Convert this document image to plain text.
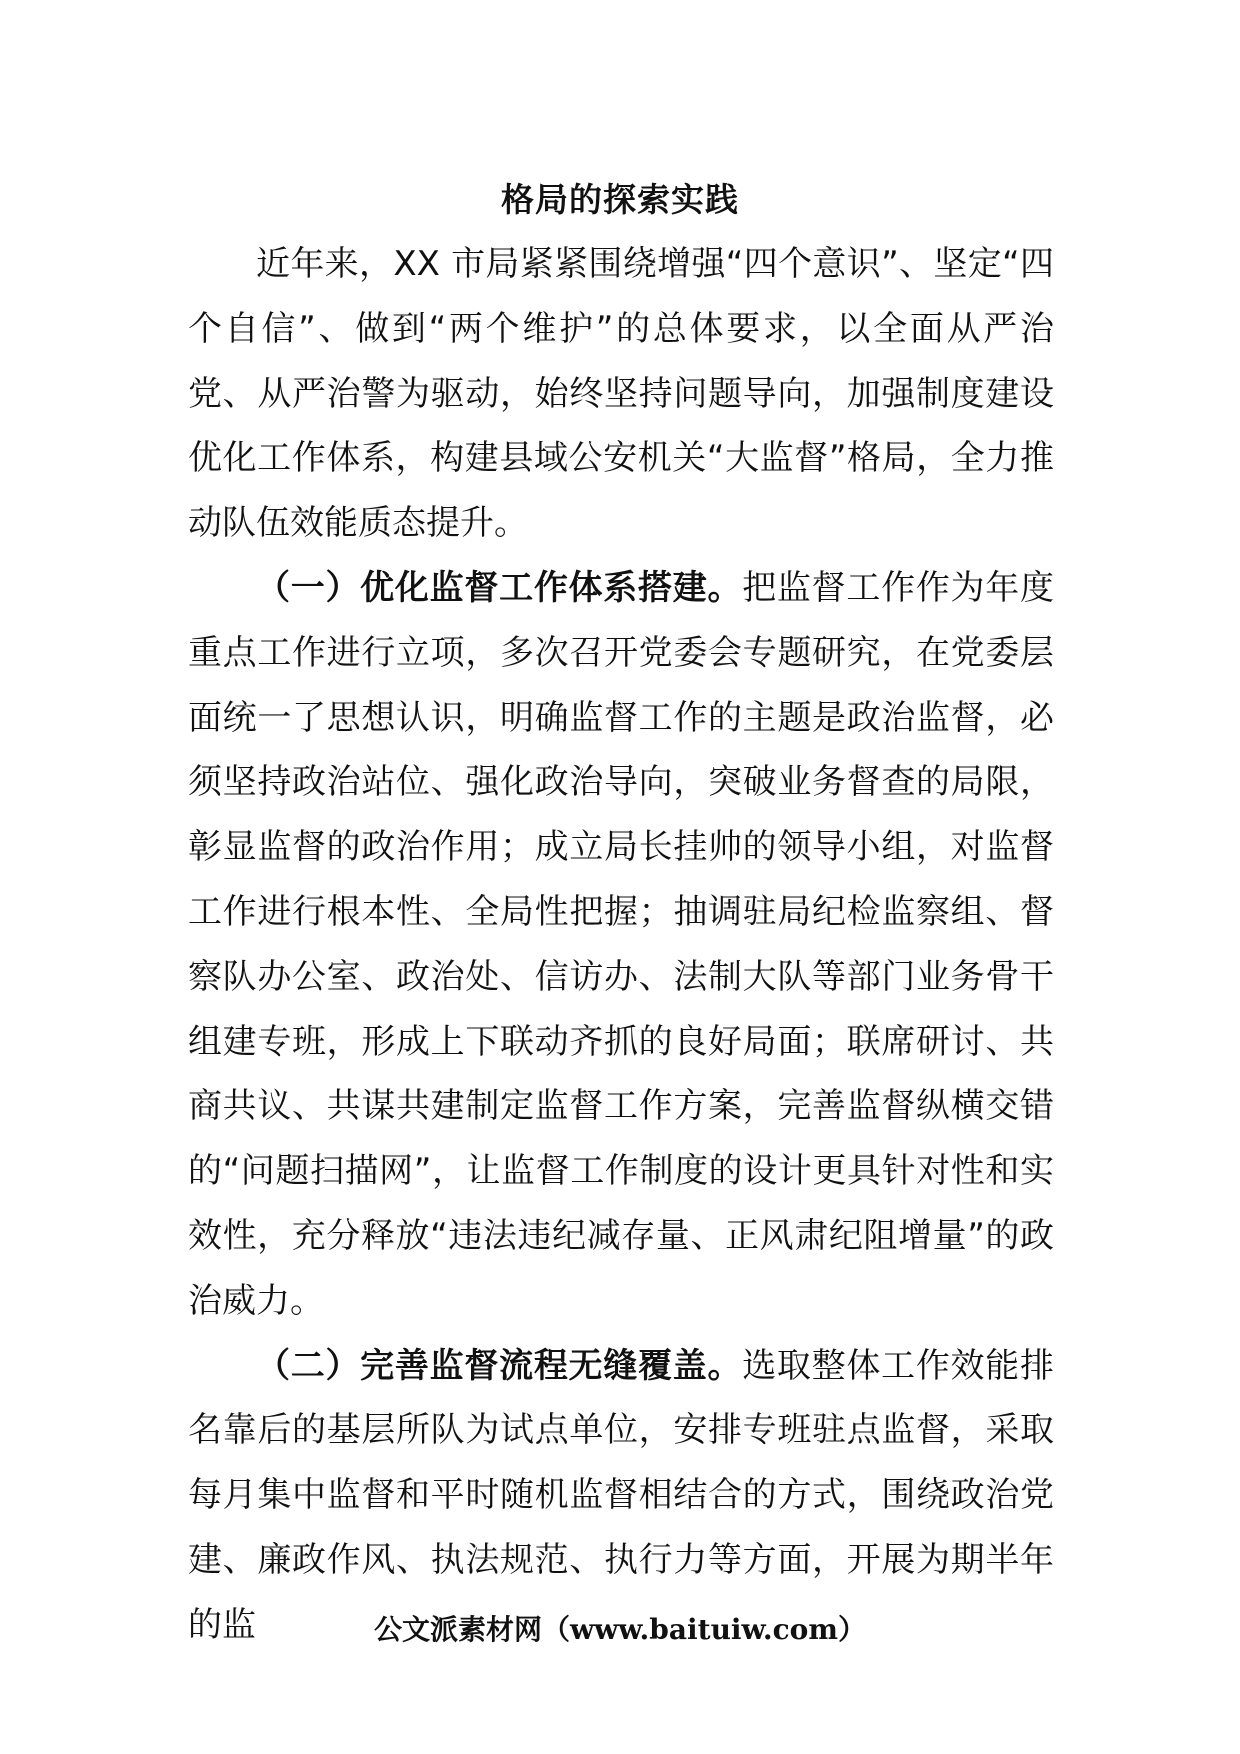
格局的探索实践

近年来，XX 市局紧紧围绕增强“四个意识”、坚定“四个自信”、做到“两个维护”的总体要求，以全面从严治党、从严治警为驱动，始终坚持问题导向，加强制度建设优化工作体系，构建县域公安机关“大监督”格局，全力推动队伍效能质态提升。

（一）优化监督工作体系搭建。把监督工作作为年度重点工作进行立项，多次召开党委会专题研究，在党委层面统一了思想认识，明确监督工作的主题是政治监督，必须坚持政治站位、强化政治导向，突破业务督查的局限，彰显监督的政治作用；成立局长挂帅的领导小组，对监督工作进行根本性、全局性把握；抽调驻局纪检监察组、督察队办公室、政治处、信访办、法制大队等部门业务骨干组建专班，形成上下联动齐抓的良好局面；联席研讨、共商共议、共谋共建制定监督工作方案，完善监督纵横交错的“问题扫描网”，让监督工作制度的设计更具针对性和实效性，充分释放“违法违纪减存量、正风肃纪阻增量”的政治威力。

（二）完善监督流程无缝覆盖。选取整体工作效能排名靠后的基层所队为试点单位，安排专班驻点监督，采取每月集中监督和平时随机监督相结合的方式，围绕政治党建、廉政作风、执法规范、执行力等方面，开展为期半年的监	公文派素材网（www.baituiw.com）
